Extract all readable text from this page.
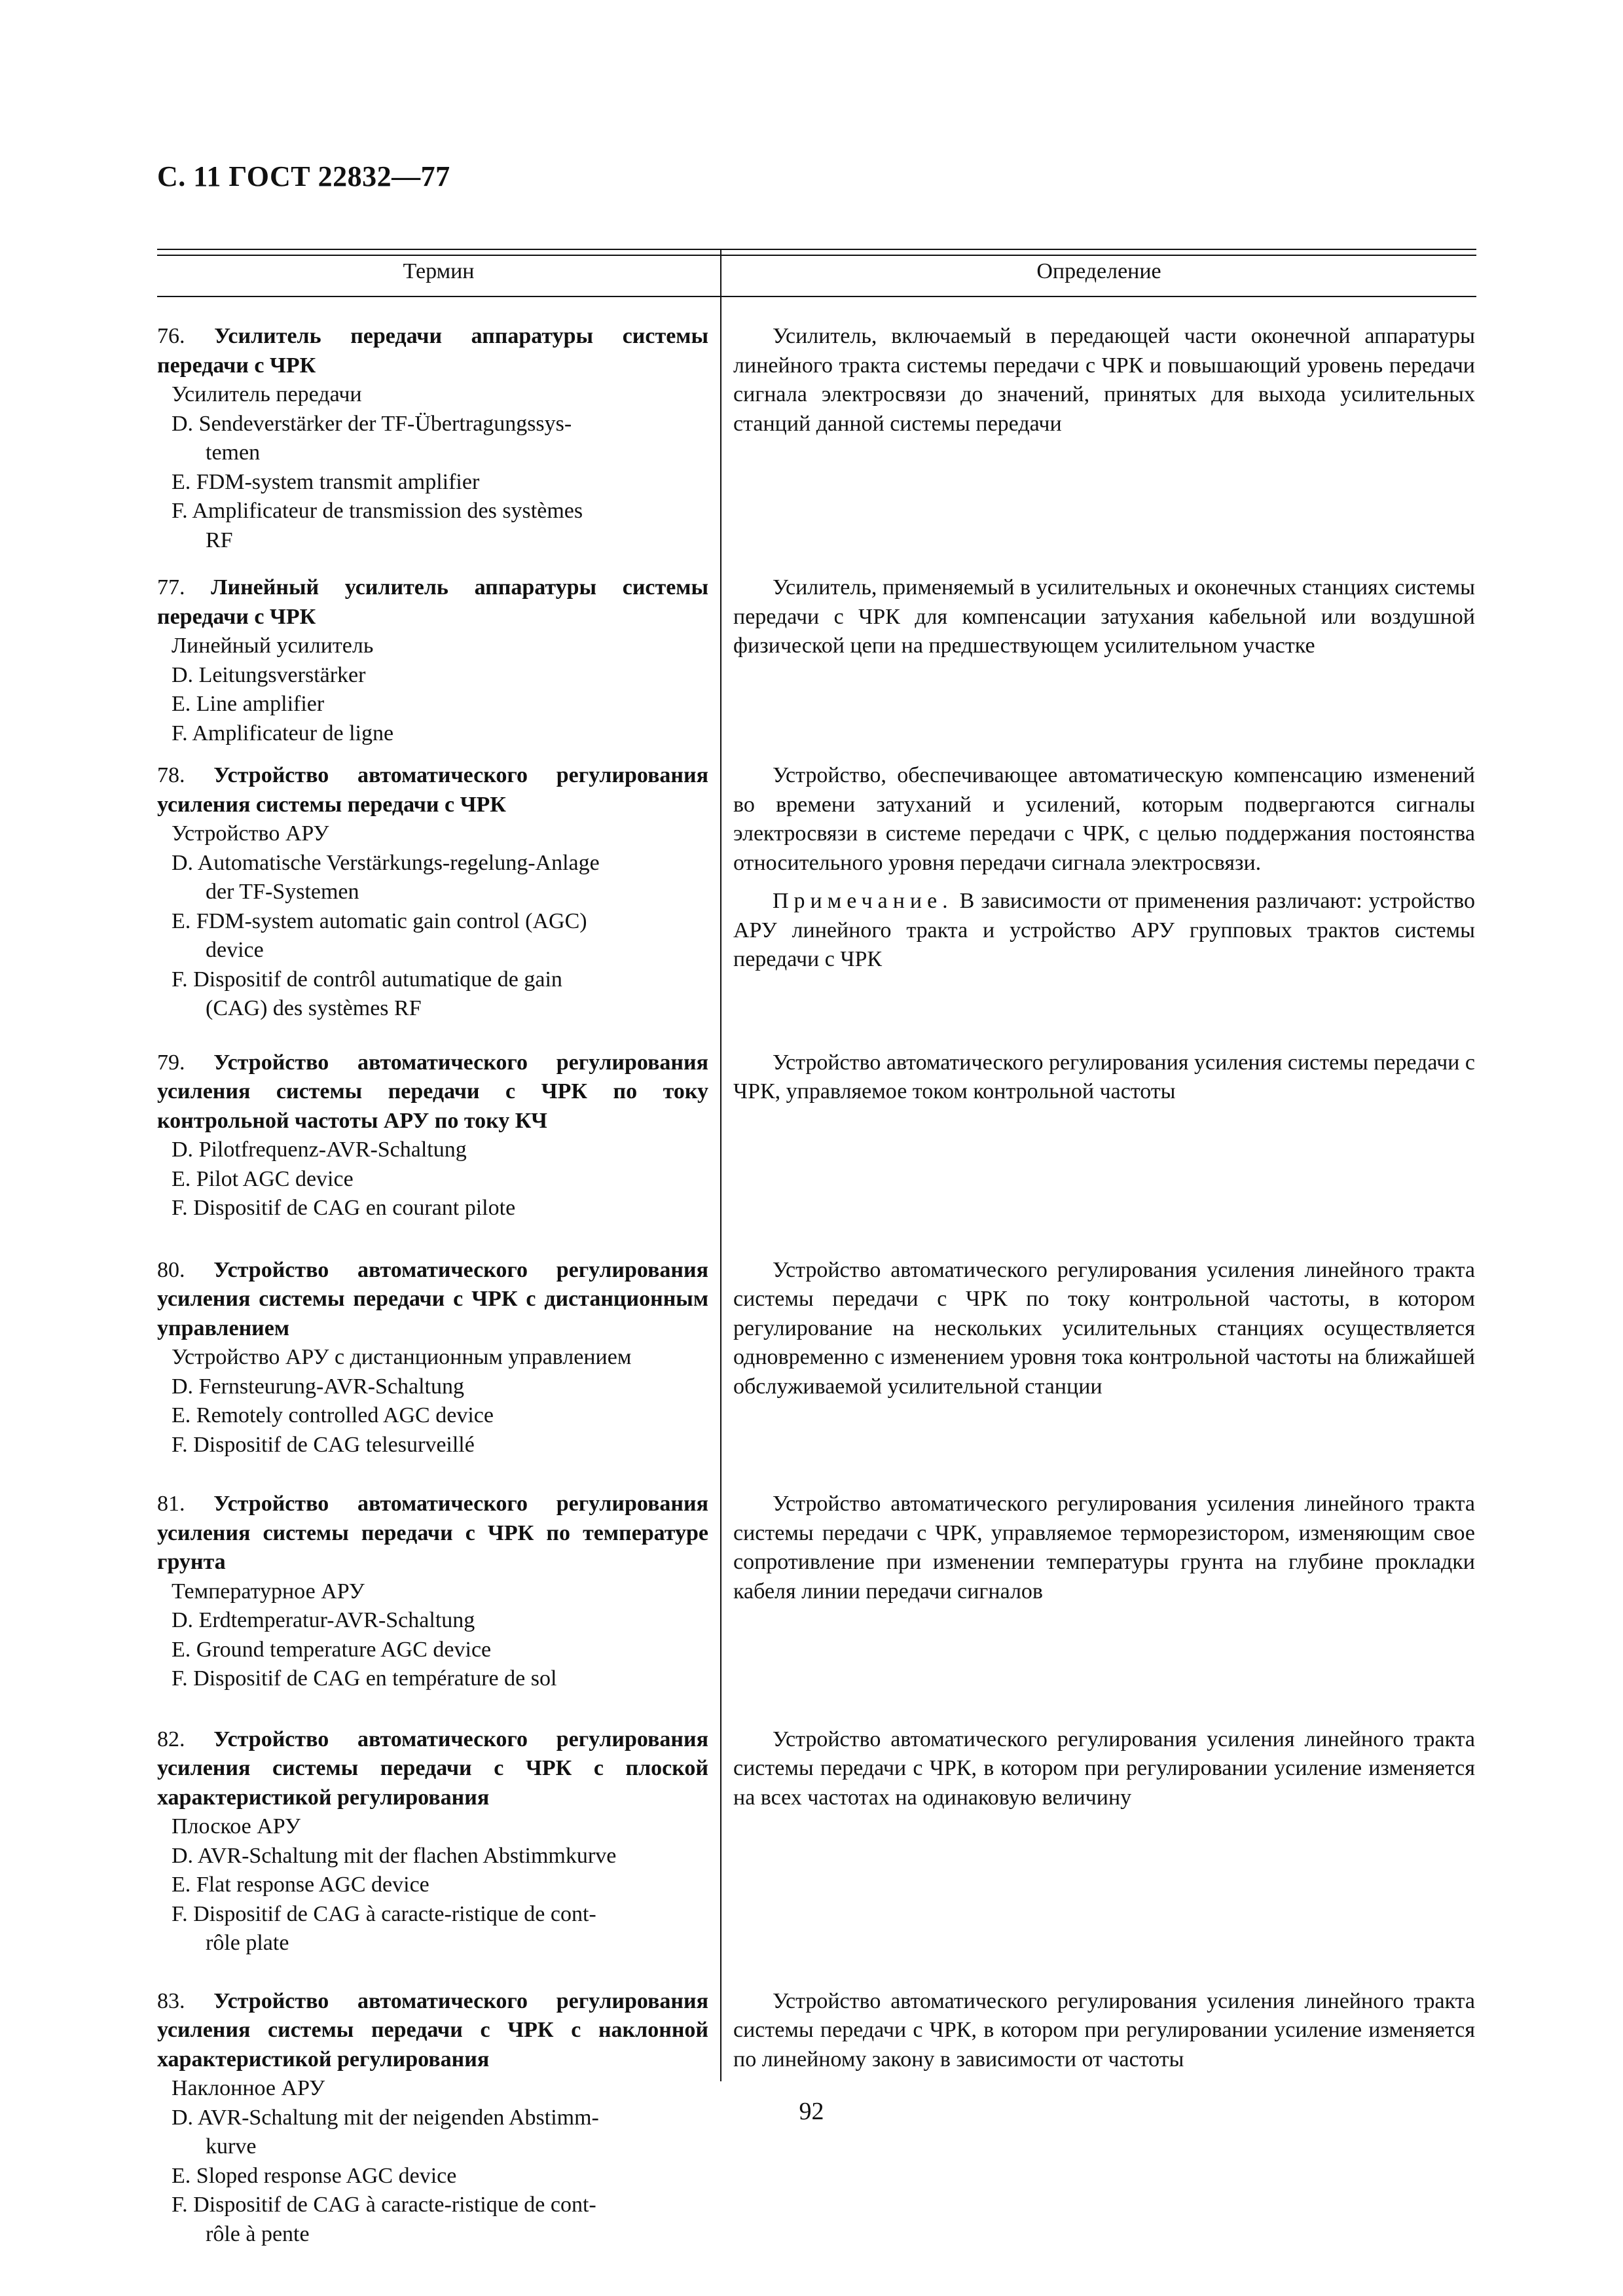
С. 11 ГОСТ 22832—77
Термин	Определение
76. Усилитель передачи аппаратуры системы передачи с ЧРК
Усилитель передачи
D. Sendeverstärker der TF-Übertragungssys-
temen
E. FDM-system transmit amplifier
F. Amplificateur de transmission des systèmes
RF
Усилитель, включаемый в передающей части оконечной аппаратуры линейного тракта системы передачи с ЧРК и повышающий уровень передачи сигнала электросвязи до значений, принятых для выхода усилительных станций данной системы передачи
77. Линейный усилитель аппаратуры системы передачи с ЧРК
Линейный усилитель
D. Leitungsverstärker
E. Line amplifier
F. Amplificateur de ligne
Усилитель, применяемый в усилительных и оконечных станциях системы передачи с ЧРК для компенсации затухания кабельной или воздушной физической цепи на предшествующем усилительном участке
78. Устройство автоматического регулирования усиления системы передачи с ЧРК
Устройство АРУ
D. Automatische Verstärkungs-regelung-Anlage
der TF-Systemen
E. FDM-system automatic gain control (AGC)
device
F. Dispositif de contrôl autumatique de gain
(CAG) des systèmes RF
Устройство, обеспечивающее автоматическую компенсацию изменений во времени затуханий и усилений, которым подвергаются сигналы электросвязи в системе передачи с ЧРК, с целью поддержания постоянства относительного уровня передачи сигнала электросвязи.
Примечание. В зависимости от применения различают: устройство АРУ линейного тракта и устройство АРУ групповых трактов системы передачи с ЧРК
79. Устройство автоматического регулирования усиления системы передачи с ЧРК по току контрольной частоты АРУ по току КЧ
D. Pilotfrequenz-AVR-Schaltung
E. Pilot AGC device
F. Dispositif de CAG en courant pilote
Устройство автоматического регулирования усиления системы передачи с ЧРК, управляемое током контрольной частоты
80. Устройство автоматического регулирования усиления системы передачи с ЧРК с дистанционным управлением
Устройство АРУ с дистанционным управлением
D. Fernsteurung-AVR-Schaltung
E. Remotely controlled AGC device
F. Dispositif de CAG telesurveillé
Устройство автоматического регулирования усиления линейного тракта системы передачи с ЧРК по току контрольной частоты, в котором регулирование на нескольких усилительных станциях осуществляется одновременно с изменением уровня тока контрольной частоты на ближайшей обслуживаемой усилительной станции
81. Устройство автоматического регулирования усиления системы передачи с ЧРК по температуре грунта
Температурное АРУ
D. Erdtemperatur-AVR-Schaltung
E. Ground temperature AGC device
F. Dispositif de CAG en température de sol
Устройство автоматического регулирования усиления линейного тракта системы передачи с ЧРК, управляемое терморезистором, изменяющим свое сопротивление при изменении температуры грунта на глубине прокладки кабеля линии передачи сигналов
82. Устройство автоматического регулирования усиления системы передачи с ЧРК с плоской характеристикой регулирования
Плоское АРУ
D. AVR-Schaltung mit der flachen Abstimmkurve
E. Flat response AGC device
F. Dispositif de CAG à caracte-ristique de cont-
rôle plate
Устройство автоматического регулирования усиления линейного тракта системы передачи с ЧРК, в котором при регулировании усиление изменяется на всех частотах на одинаковую величину
83. Устройство автоматического регулирования усиления системы передачи с ЧРК с наклонной характеристикой регулирования
Наклонное АРУ
D. AVR-Schaltung mit der neigenden Abstimm-
kurve
E. Sloped response AGC device
F. Dispositif de CAG à caracte-ristique de cont-
rôle à pente
Устройство автоматического регулирования усиления линейного тракта системы передачи с ЧРК, в котором при регулировании усиление изменяется по линейному закону в зависимости от частоты
92
